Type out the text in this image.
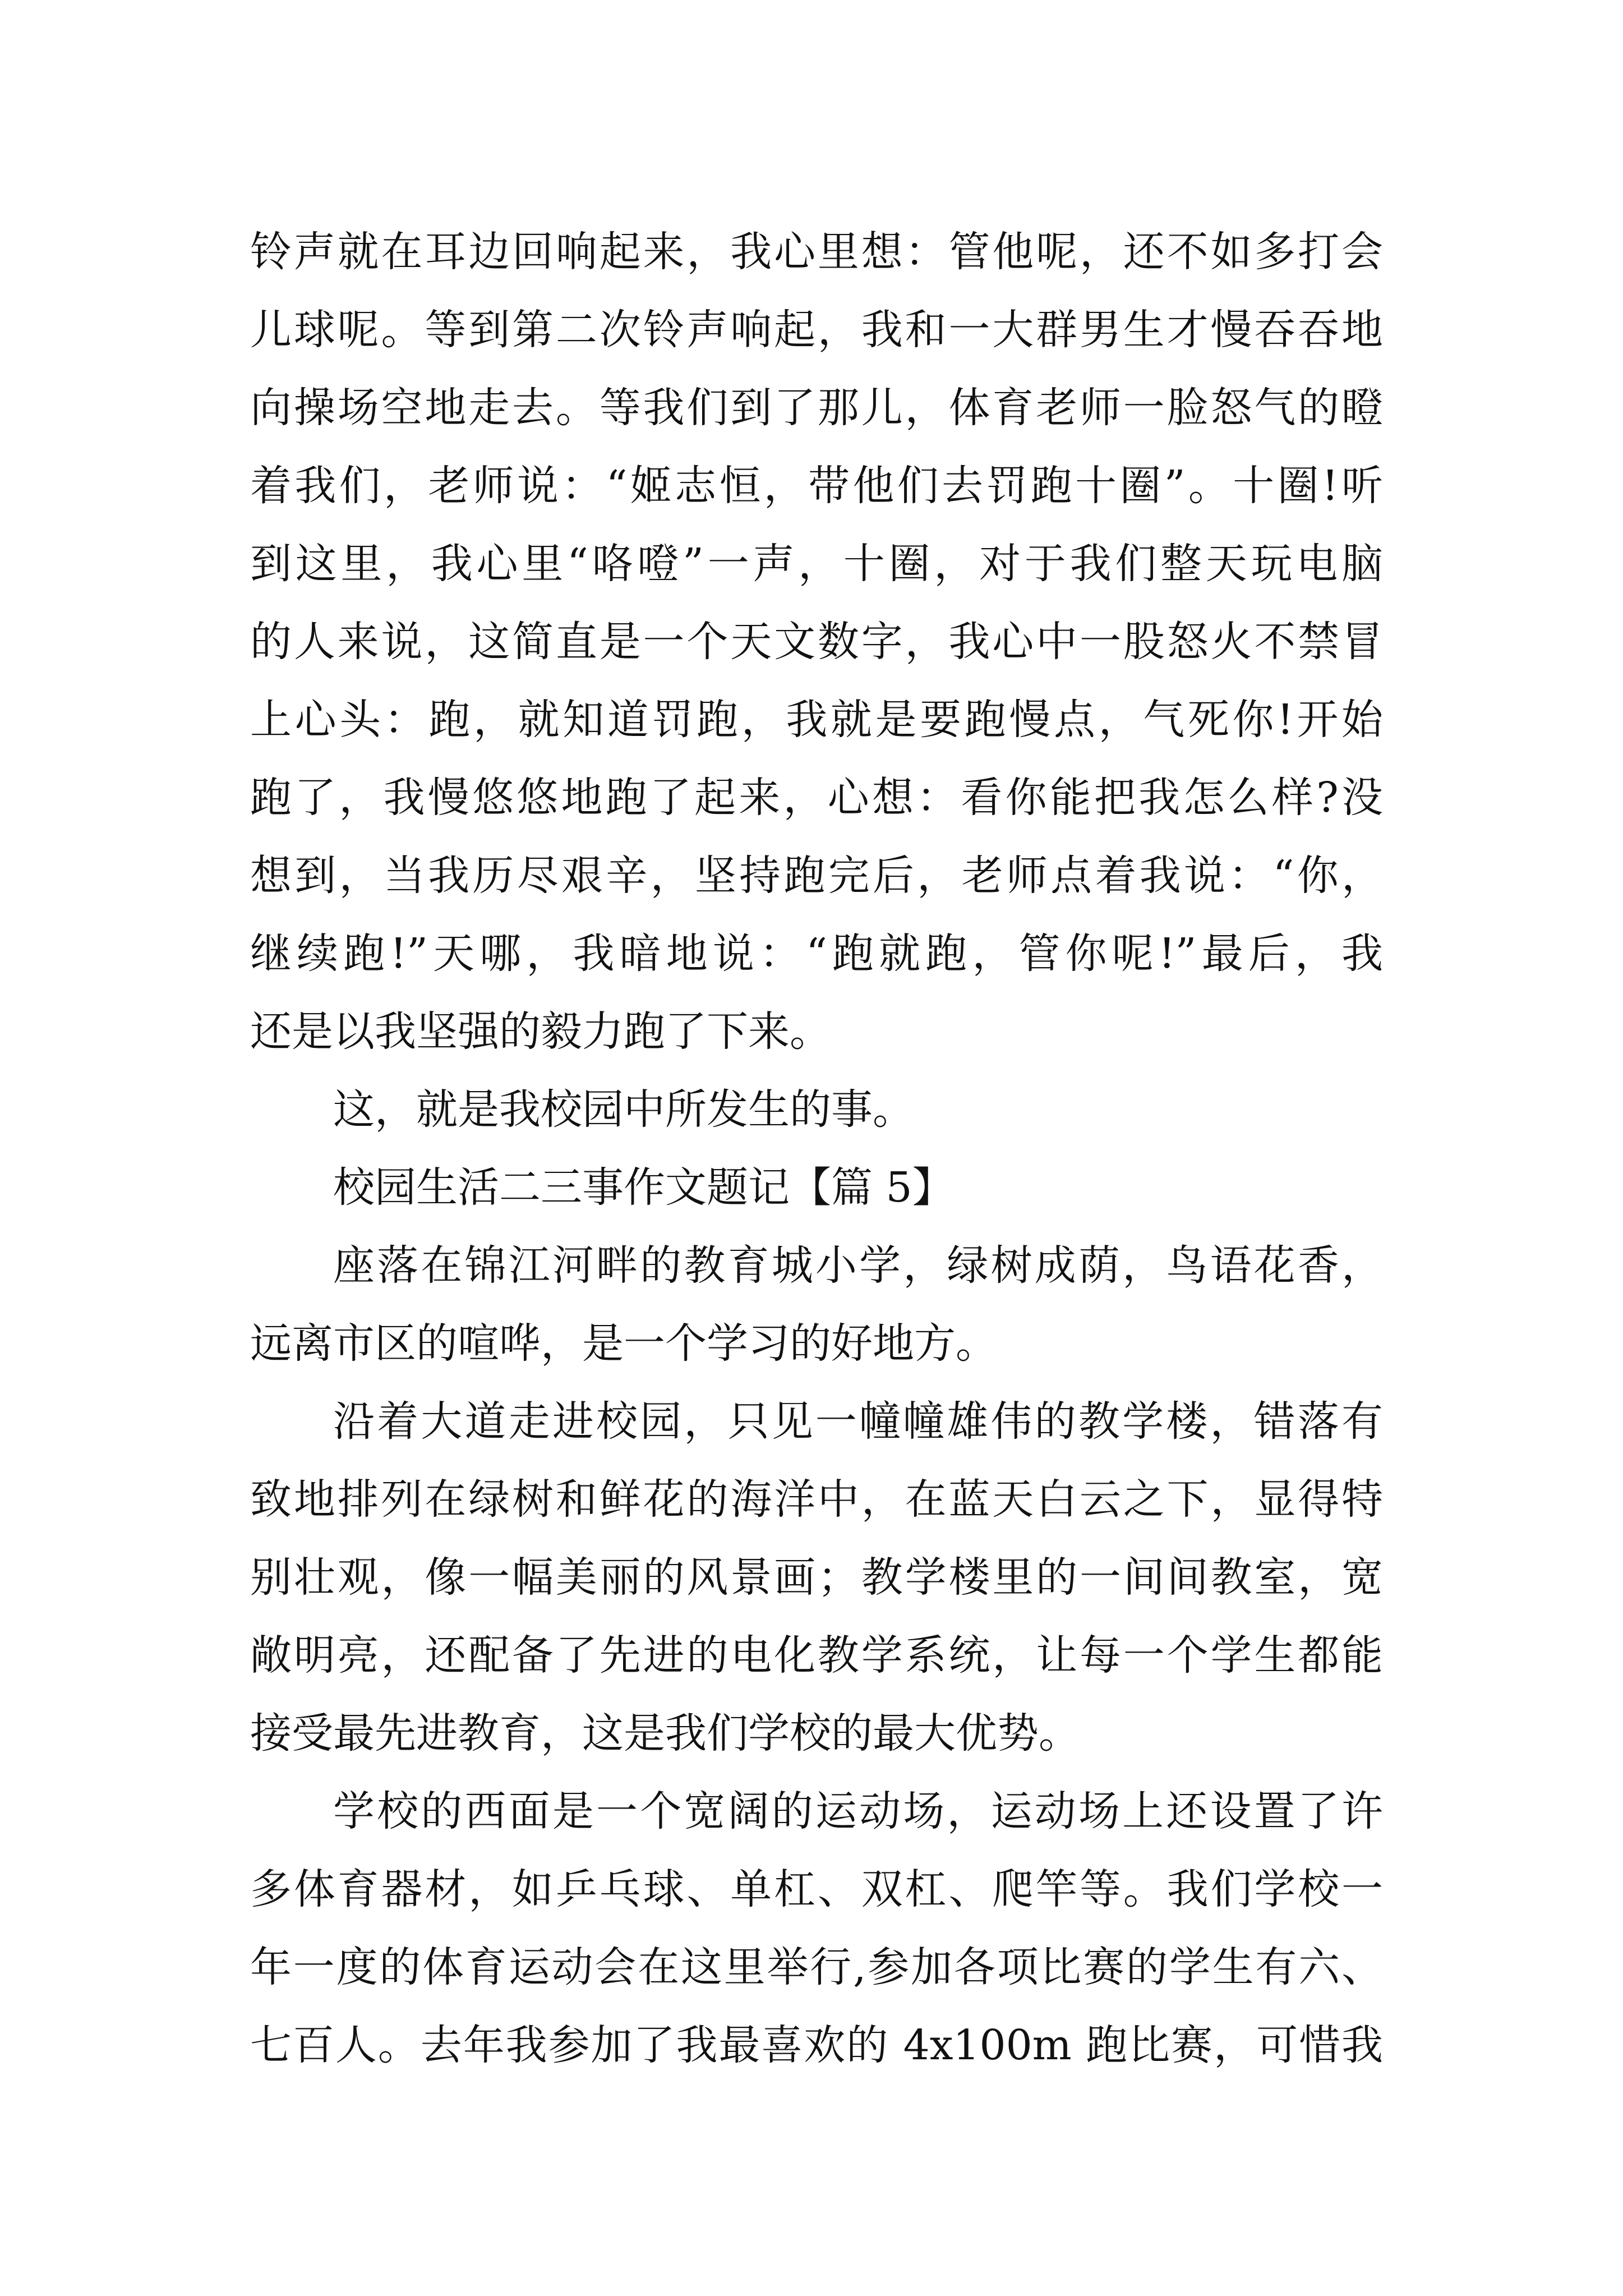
铃声就在耳边回响起来，我心里想：管他呢，还不如多打会
儿球呢。等到第二次铃声响起，我和一大群男生才慢吞吞地
向操场空地走去。等我们到了那儿，体育老师一脸怒气的瞪
着我们，老师说：“姬志恒，带他们去罚跑十圈”。十圈!听
到这里，我心里“咯噔”一声，十圈，对于我们整天玩电脑
的人来说，这简直是一个天文数字，我心中一股怒火不禁冒
上心头：跑，就知道罚跑，我就是要跑慢点，气死你!开始
跑了，我慢悠悠地跑了起来，心想：看你能把我怎么样?没
想到，当我历尽艰辛，坚持跑完后，老师点着我说：“你，
继续跑!”天哪，我暗地说：“跑就跑，管你呢!”最后，我
还是以我坚强的毅力跑了下来。
这，就是我校园中所发生的事。
校园生活二三事作文题记【篇 5】
座落在锦江河畔的教育城小学，绿树成荫，鸟语花香，
远离市区的喧哗，是一个学习的好地方。
沿着大道走进校园，只见一幢幢雄伟的教学楼，错落有
致地排列在绿树和鲜花的海洋中，在蓝天白云之下，显得特
别壮观，像一幅美丽的风景画；教学楼里的一间间教室，宽
敞明亮，还配备了先进的电化教学系统，让每一个学生都能
接受最先进教育，这是我们学校的最大优势。
学校的西面是一个宽阔的运动场，运动场上还设置了许
多体育器材，如乒乓球、单杠、双杠、爬竿等。我们学校一
年一度的体育运动会在这里举行,参加各项比赛的学生有六、
七百人。去年我参加了我最喜欢的 4x100m 跑比赛，可惜我
